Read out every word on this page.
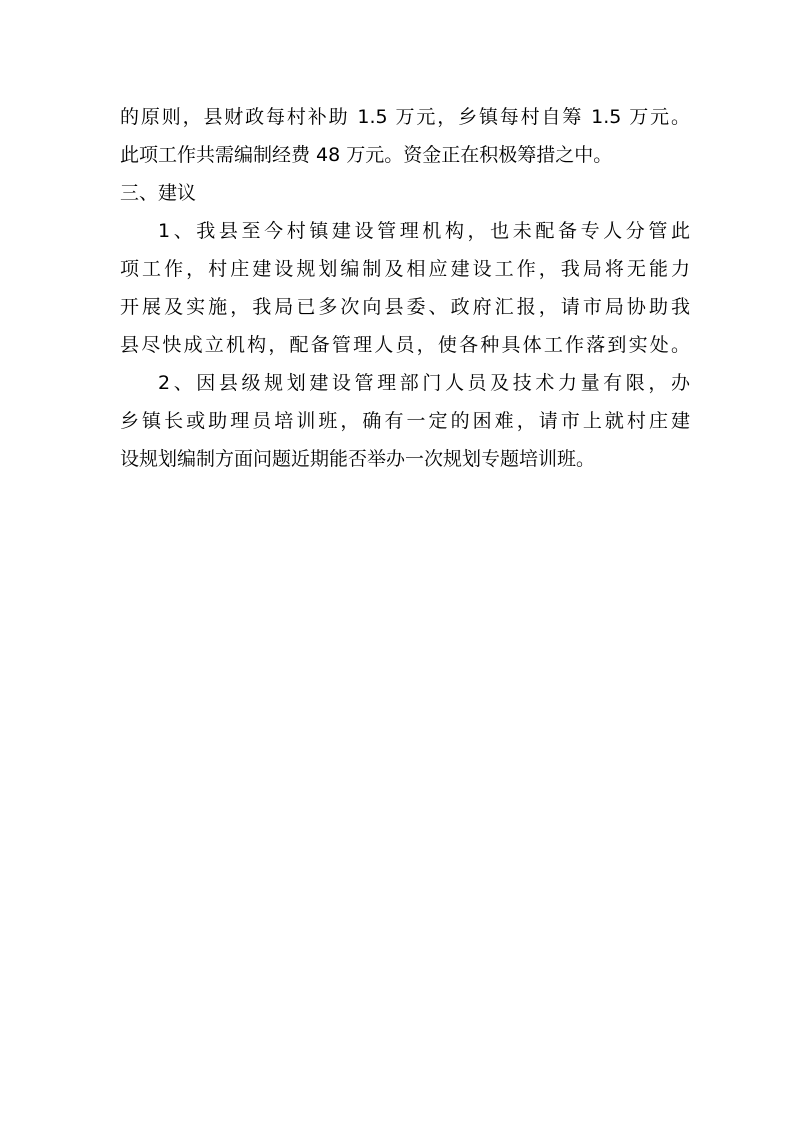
的原则，县财政每村补助 1.5 万元，乡镇每村自筹 1.5 万元。
此项工作共需编制经费 48 万元。资金正在积极筹措之中。
三、建议
1、我县至今村镇建设管理机构，也未配备专人分管此
项工作，村庄建设规划编制及相应建设工作，我局将无能力
开展及实施，我局已多次向县委、政府汇报，请市局协助我
县尽快成立机构，配备管理人员，使各种具体工作落到实处。
2、因县级规划建设管理部门人员及技术力量有限，办
乡镇长或助理员培训班，确有一定的困难，请市上就村庄建
设规划编制方面问题近期能否举办一次规划专题培训班。
